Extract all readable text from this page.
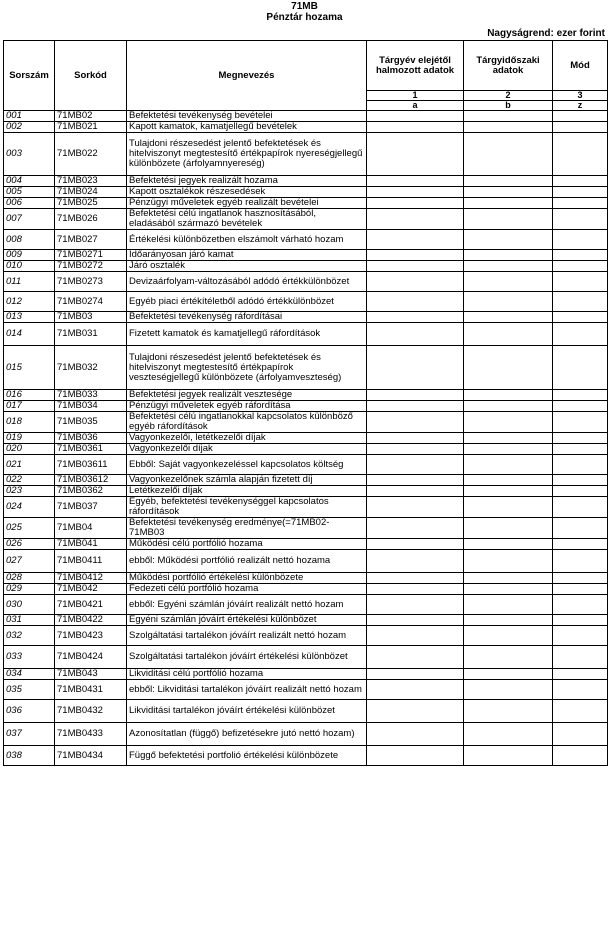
71MB
Pénztár hozama
Nagyságrend: ezer forint
Sorszám	Sorkód	Megnevezés	Tárgyév elejétől halmozott adatok	Tárgyidőszaki adatok	Mód
			1	2	3
			a	b	z
001	71MB02	Befektetési tevékenység bevételei			
002	71MB021	Kapott kamatok, kamatjellegű bevételek			
003	71MB022	Tulajdoni részesedést jelentő befektetések és hitelviszonyt megtestesítő értékpapírok nyereségjellegű különbözete (árfolyamnyereség)			
004	71MB023	Befektetési jegyek realizált hozama			
005	71MB024	Kapott osztalékok részesedések			
006	71MB025	Pénzügyi műveletek egyéb realizált bevételei			
007	71MB026	Befektetési célú ingatlanok hasznosításából, eladásából származó bevételek			
008	71MB027	Értékelési különbözetben elszámolt várható hozam			
009	71MB0271	Időarányosan járó kamat			
010	71MB0272	Járó osztalék			
011	71MB0273	Devizaárfolyam-változásából adódó értékkülönbözet			
012	71MB0274	Egyéb piaci értékítéletből adódó értékkülönbözet			
013	71MB03	Befektetési tevékenység ráfordításai			
014	71MB031	Fizetett kamatok és kamatjellegű ráfordítások			
015	71MB032	Tulajdoni részesedést jelentő befektetések és hitelviszonyt megtestesítő értékpapírok veszteségjellegű különbözete (árfolyamveszteség)			
016	71MB033	Befektetési jegyek realizált vesztesége			
017	71MB034	Pénzügyi műveletek egyéb ráfordítása			
018	71MB035	Befektetési célú ingatlanokkal kapcsolatos különböző egyéb ráfordítások			
019	71MB036	Vagyonkezelői, letétkezelői díjak			
020	71MB0361	Vagyonkezelői díjak			
021	71MB03611	Ebből: Saját vagyonkezeléssel kapcsolatos költség			
022	71MB03612	Vagyonkezelőnek számla alapján fizetett díj			
023	71MB0362	Letétkezelői díjak			
024	71MB037	Egyéb, befektetési tevékenységgel kapcsolatos ráfordítások			
025	71MB04	Befektetési tevékenység eredménye(=71MB02-71MB03			
026	71MB041	Működési célú portfólió hozama			
027	71MB0411	ebből: Működési portfólió realizált nettó hozama			
028	71MB0412	Működési portfólió értékelési különbözete			
029	71MB042	Fedezeti célú portfólió hozama			
030	71MB0421	ebből: Egyéni számlán jóváírt realizált nettó hozam			
031	71MB0422	Egyéni számlán jóváírt értékelési különbözet			
032	71MB0423	Szolgáltatási tartalékon jóváírt realizált nettó hozam			
033	71MB0424	Szolgáltatási tartalékon jóváírt értékelési különbözet			
034	71MB043	Likviditási célú portfólió hozama			
035	71MB0431	ebből: Likviditási tartalékon jóváírt realizált nettó hozam			
036	71MB0432	Likviditási tartalékon jóváírt értékelési különbözet			
037	71MB0433	Azonosítatlan (függő) befizetésekre jutó nettó hozam)			
038	71MB0434	Függő befektetési portfolió értékelési különbözete			
